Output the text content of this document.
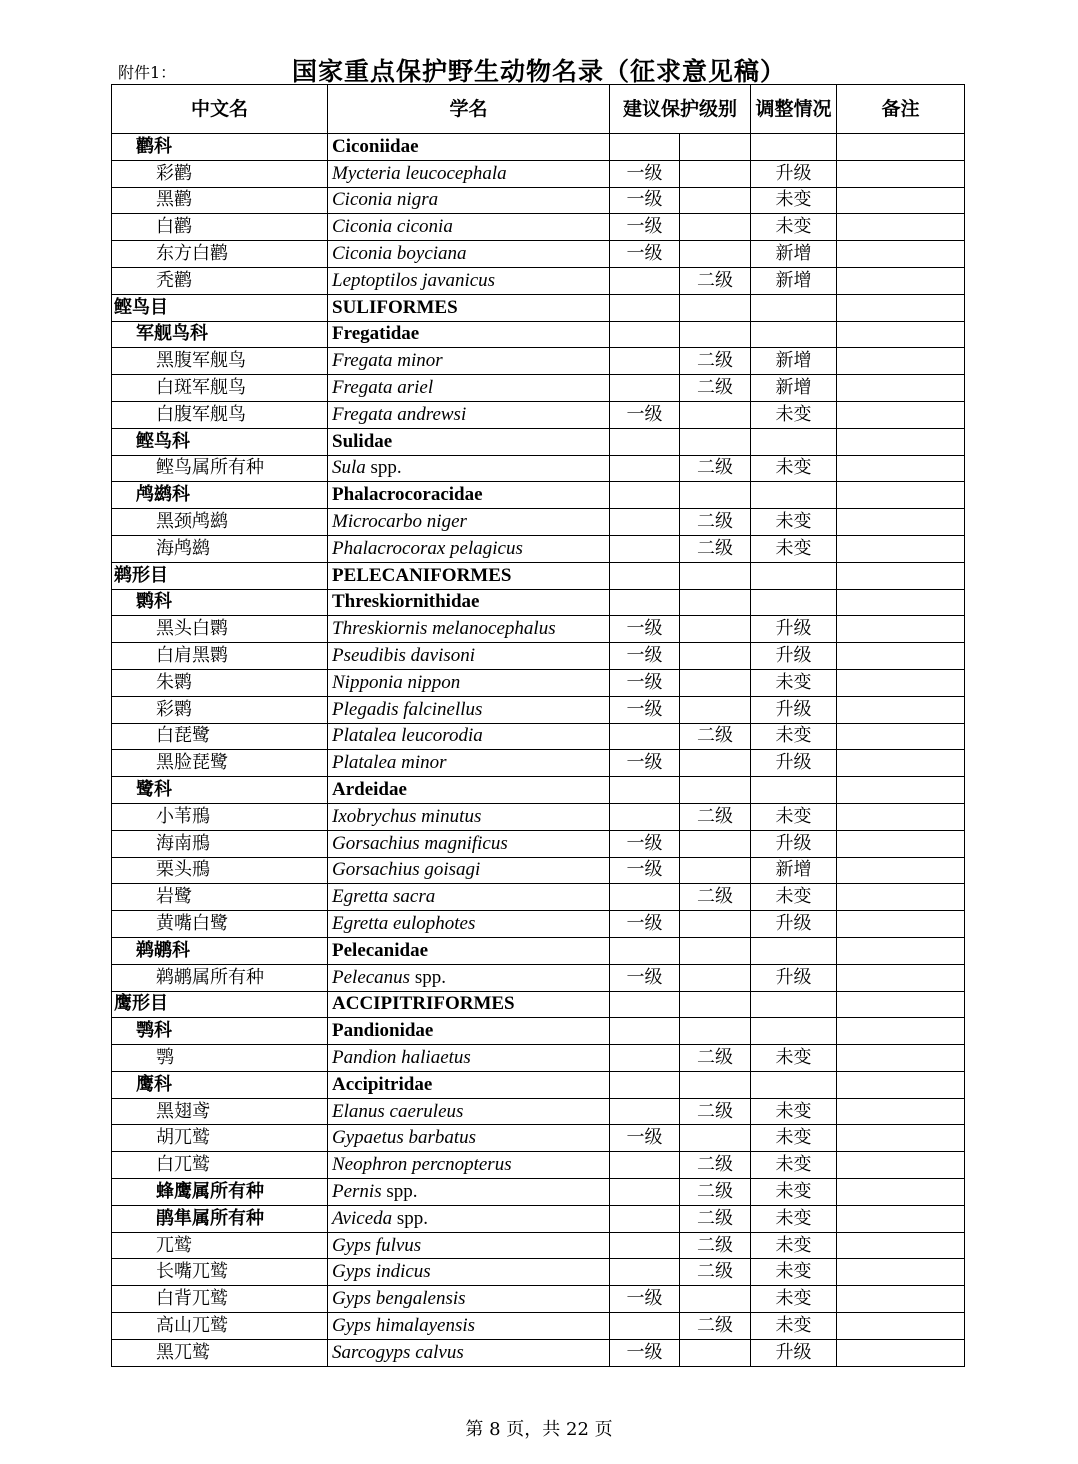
附件1：	国家重点保护野生动物名录（征求意见稿）
中文名	学名	建议保护级别		调整情况	备注
鹳科	Ciconiidae				
彩鹳	Mycteria leucocephala	一级		升级	
黑鹳	Ciconia nigra	一级		未变	
白鹳	Ciconia ciconia	一级		未变	
东方白鹳	Ciconia boyciana	一级		新增	
秃鹳	Leptoptilos javanicus		二级	新增	
鲣鸟目	SULIFORMES				
军舰鸟科	Fregatidae				
黑腹军舰鸟	Fregata minor		二级	新增	
白斑军舰鸟	Fregata ariel		二级	新增	
白腹军舰鸟	Fregata andrewsi	一级		未变	
鲣鸟科	Sulidae				
鲣鸟属所有种	Sula spp.		二级	未变	
鸬鹚科	Phalacrocoracidae				
黑颈鸬鹚	Microcarbo niger		二级	未变	
海鸬鹚	Phalacrocorax pelagicus		二级	未变	
鹈形目	PELECANIFORMES				
鹮科	Threskiornithidae				
黑头白鹮	Threskiornis melanocephalus	一级		升级	
白肩黑鹮	Pseudibis davisoni	一级		升级	
朱鹮	Nipponia nippon	一级		未变	
彩鹮	Plegadis falcinellus	一级		升级	
白琵鹭	Platalea leucorodia		二级	未变	
黑脸琵鹭	Platalea minor	一级		升级	
鹭科	Ardeidae				
小苇鳽	Ixobrychus minutus		二级	未变	
海南鳽	Gorsachius magnificus	一级		升级	
栗头鳽	Gorsachius goisagi	一级		新增	
岩鹭	Egretta sacra		二级	未变	
黄嘴白鹭	Egretta eulophotes	一级		升级	
鹈鹕科	Pelecanidae				
鹈鹕属所有种	Pelecanus spp.	一级		升级	
鹰形目	ACCIPITRIFORMES				
鹗科	Pandionidae				
鹗	Pandion haliaetus		二级	未变	
鹰科	Accipitridae				
黑翅鸢	Elanus caeruleus		二级	未变	
胡兀鹫	Gypaetus barbatus	一级		未变	
白兀鹫	Neophron percnopterus		二级	未变	
蜂鹰属所有种	Pernis spp.		二级	未变	
鹃隼属所有种	Aviceda spp.		二级	未变	
兀鹫	Gyps fulvus		二级	未变	
长嘴兀鹫	Gyps indicus		二级	未变	
白背兀鹫	Gyps bengalensis	一级		未变	
高山兀鹫	Gyps himalayensis		二级	未变	
黑兀鹫	Sarcogyps calvus	一级		升级	
第 8 页，共 22 页
